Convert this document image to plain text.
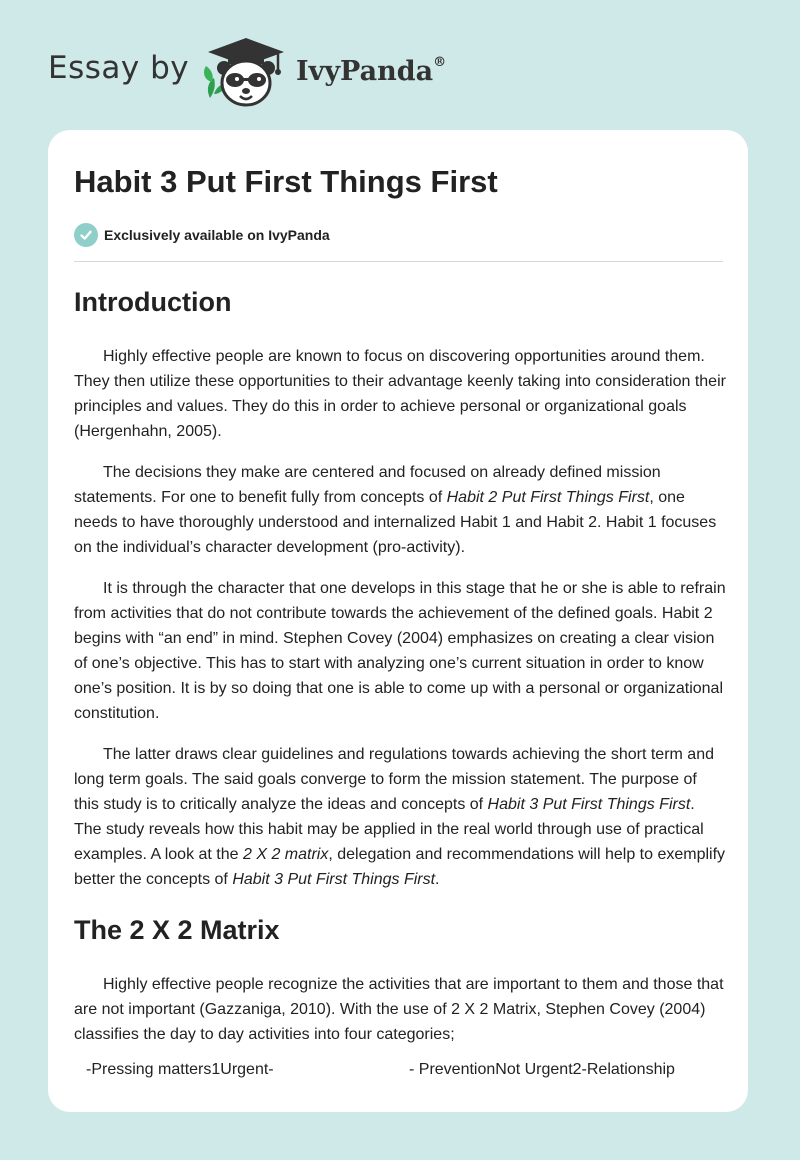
Essay by	IvyPanda®
Habit 3 Put First Things First
Exclusively available on IvyPanda
Introduction

Highly effective people are known to focus on discovering opportunities around them. They then utilize these opportunities to their advantage keenly taking into consideration their principles and values. They do this in order to achieve personal or organizational goals (Hergenhahn, 2005).

The decisions they make are centered and focused on already defined mission statements. For one to benefit fully from concepts of Habit 2 Put First Things First, one needs to have thoroughly understood and internalized Habit 1 and Habit 2. Habit 1 focuses on the individual’s character development (pro-activity).

It is through the character that one develops in this stage that he or she is able to refrain from activities that do not contribute towards the achievement of the defined goals. Habit 2 begins with “an end” in mind. Stephen Covey (2004) emphasizes on creating a clear vision of one’s objective. This has to start with analyzing one’s current situation in order to know one’s position. It is by so doing that one is able to come up with a personal or organizational constitution.

The latter draws clear guidelines and regulations towards achieving the short term and long term goals. The said goals converge to form the mission statement. The purpose of this study is to critically analyze the ideas and concepts of Habit 3 Put First Things First. The study reveals how this habit may be applied in the real world through use of practical examples. A look at the 2 X 2 matrix, delegation and recommendations will help to exemplify better the concepts of Habit 3 Put First Things First.

The 2 X 2 Matrix

Highly effective people recognize the activities that are important to them and those that are not important (Gazzaniga, 2010). With the use of 2 X 2 Matrix, Stephen Covey (2004) classifies the day to day activities into four categories;

-Pressing matters1Urgent-	- PreventionNot Urgent2-Relationship
